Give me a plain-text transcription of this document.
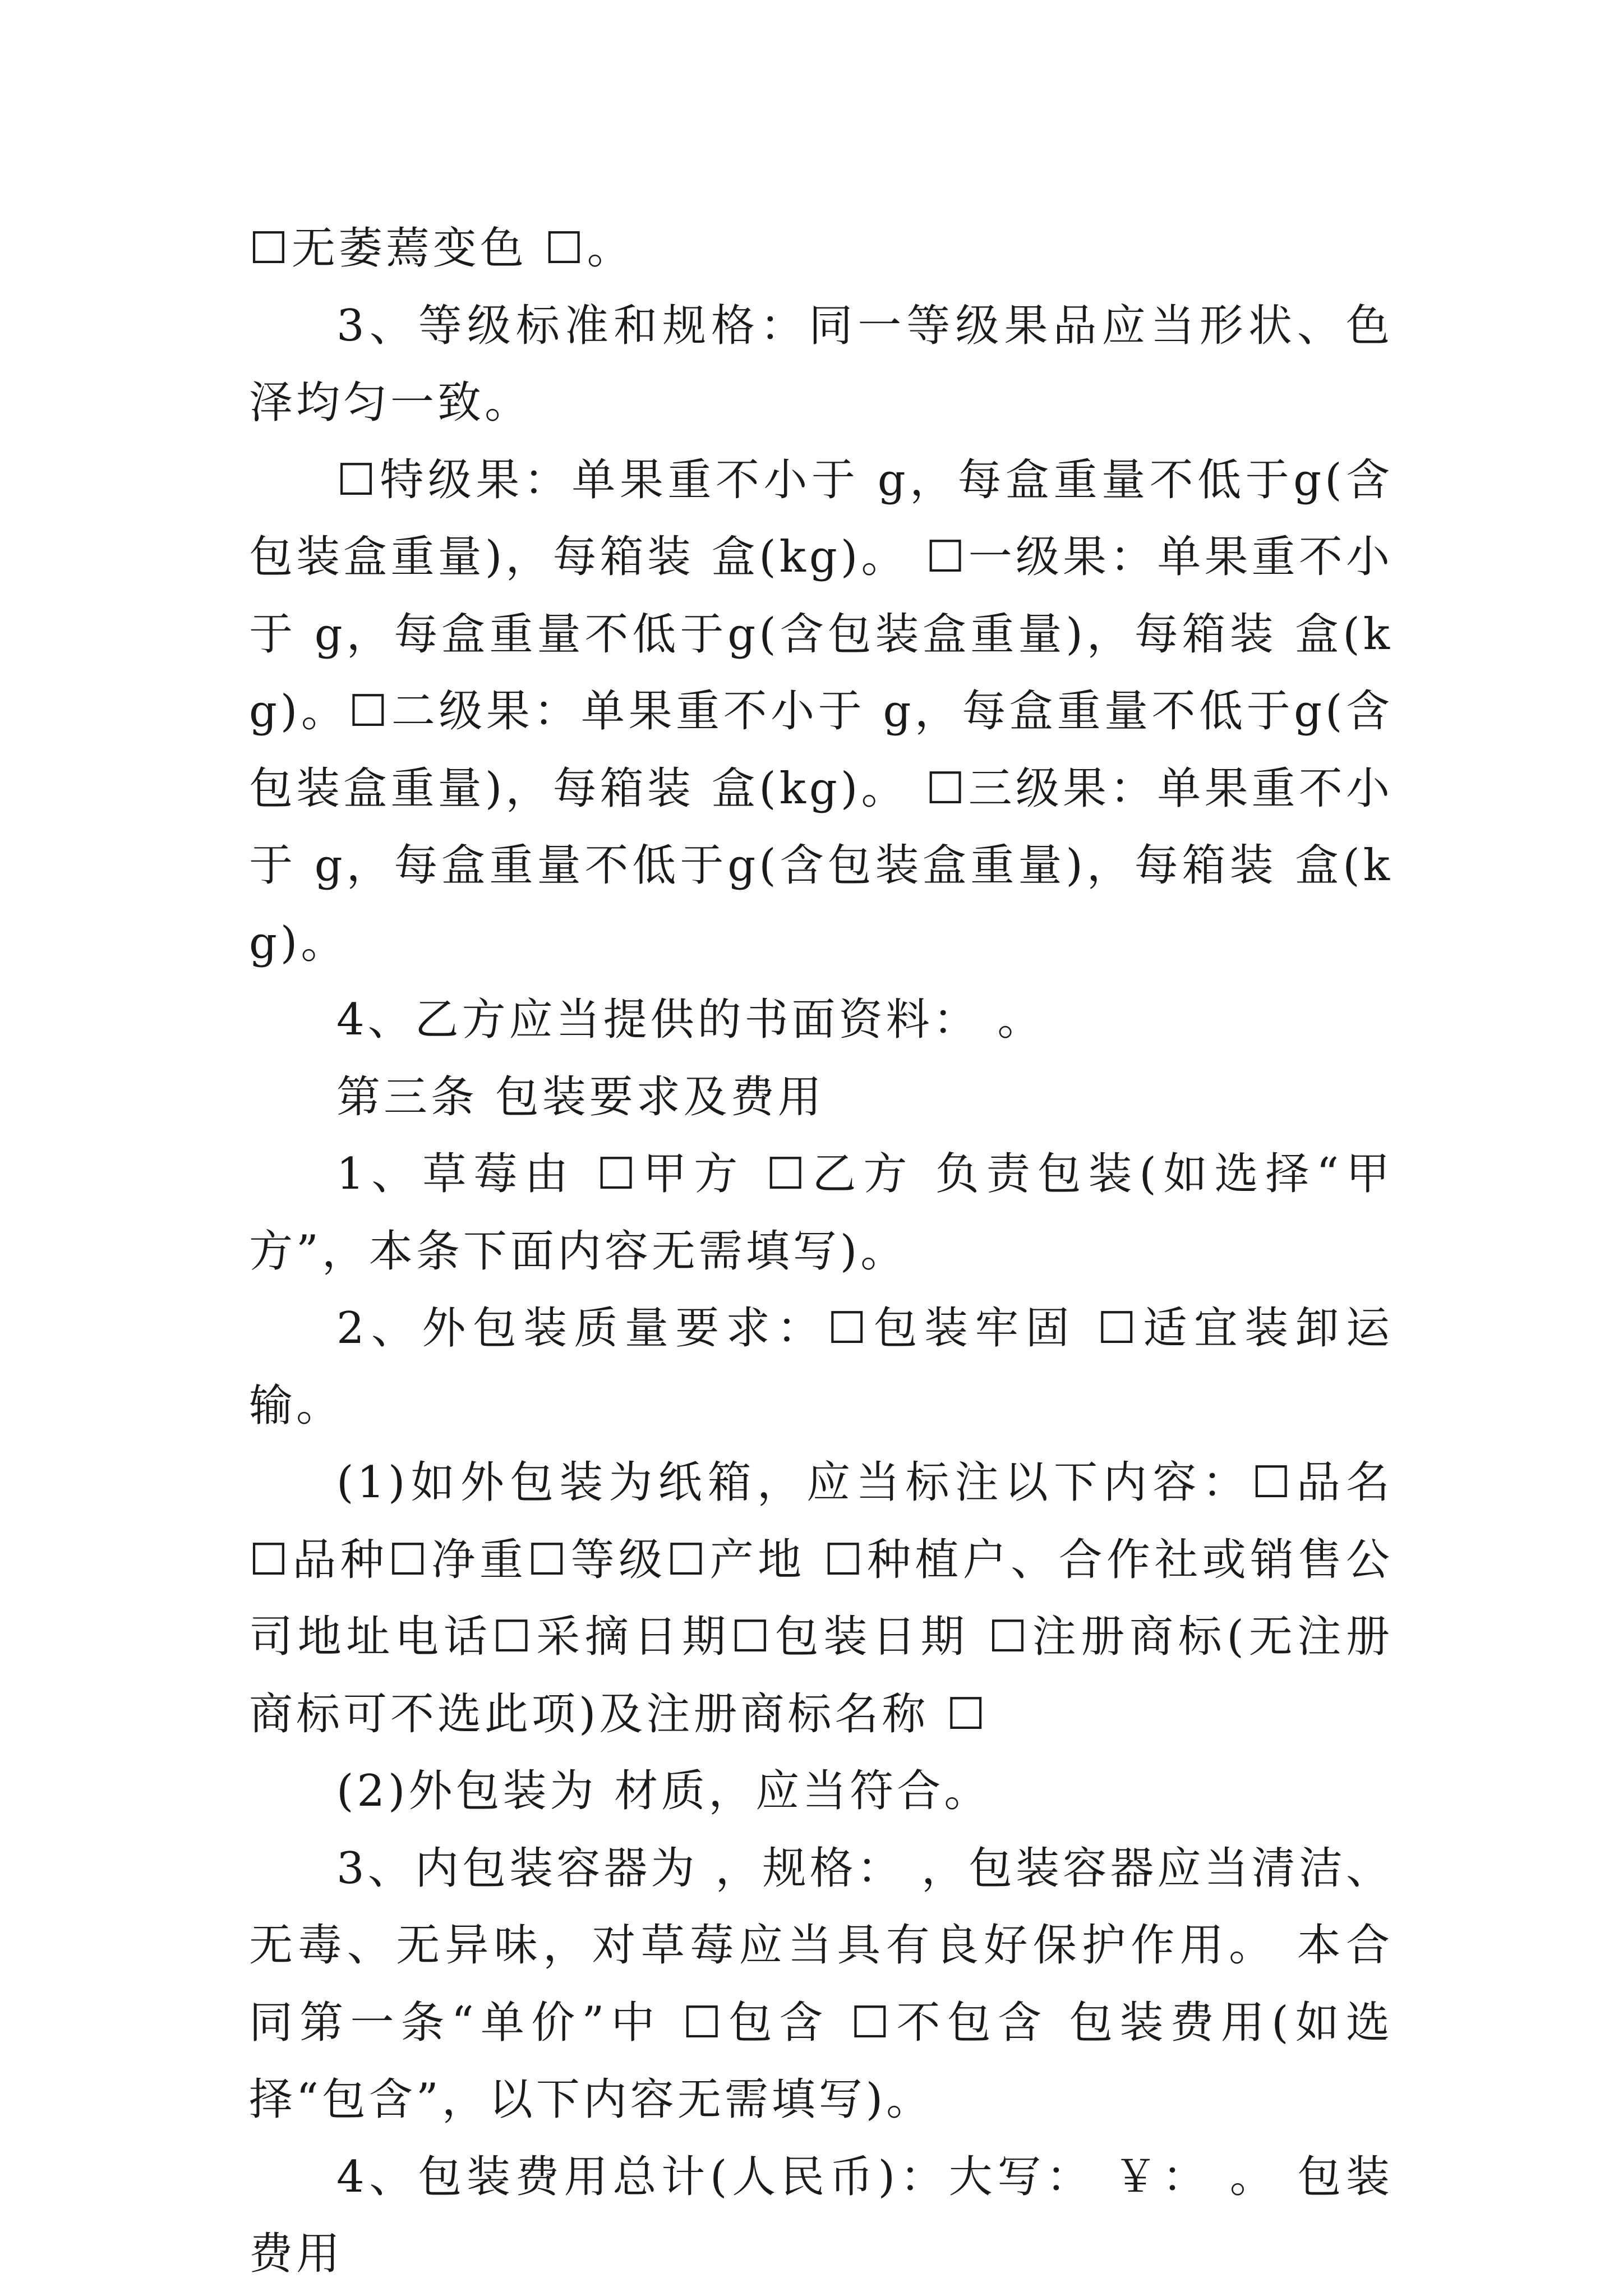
☐无萎蔫变色 ☐。

3、等级标准和规格：同一等级果品应当形状、色泽均匀一致。

☐特级果：单果重不小于 g，每盒重量不低于g(含包装盒重量)，每箱装 盒(kg)。 ☐一级果：单果重不小于 g，每盒重量不低于g(含包装盒重量)，每箱装 盒(kg)。☐二级果：单果重不小于 g，每盒重量不低于g(含包装盒重量)，每箱装 盒(kg)。 ☐三级果：单果重不小于 g，每盒重量不低于g(含包装盒重量)，每箱装 盒(kg)。

4、乙方应当提供的书面资料： 。

第三条 包装要求及费用

1、草莓由 ☐甲方 ☐乙方 负责包装(如选择“甲方”，本条下面内容无需填写)。

2、外包装质量要求：☐包装牢固 ☐适宜装卸运输。

(1)如外包装为纸箱，应当标注以下内容：☐品名 ☐品种☐净重☐等级☐产地 ☐种植户、合作社或销售公司地址电话☐采摘日期☐包装日期 ☐注册商标(无注册商标可不选此项)及注册商标名称 ☐

(2)外包装为 材质，应当符合。

3、内包装容器为 ，规格： ，包装容器应当清洁、无毒、无异味，对草莓应当具有良好保护作用。 本合同第一条“单价”中 ☐包含 ☐不包含 包装费用(如选择“包含”，以下内容无需填写)。

4、包装费用总计(人民币)：大写： ￥： 。 包装费用
